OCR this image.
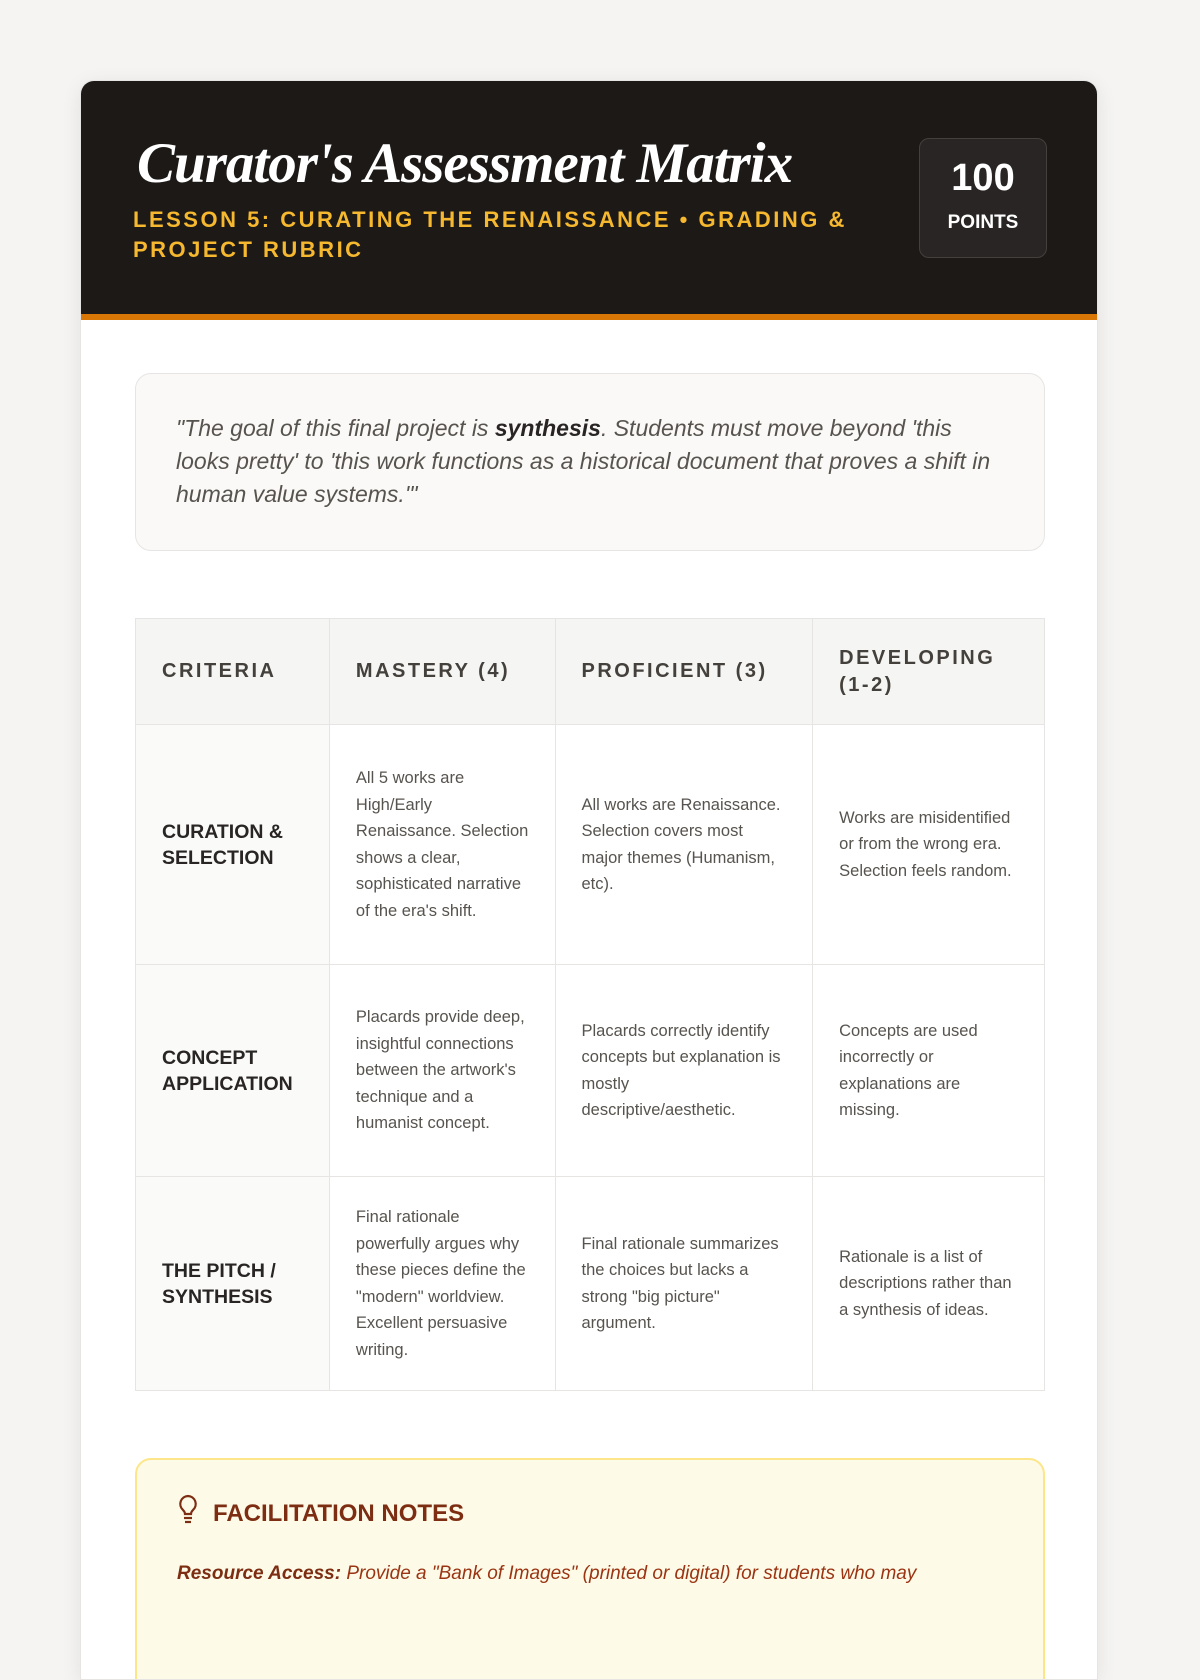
Curator's Assessment Matrix
LESSON 5: CURATING THE RENAISSANCE • GRADING & PROJECT RUBRIC
100
POINTS
"The goal of this final project is synthesis. Students must move beyond 'this looks pretty' to 'this work functions as a historical document that proves a shift in human value systems.'"
CRITERIA	MASTERY (4)	PROFICIENT (3)	DEVELOPING (1-2)
CURATION & SELECTION	All 5 works are High/Early Renaissance. Selection shows a clear, sophisticated narrative of the era's shift.	All works are Renaissance. Selection covers most major themes (Humanism, etc).	Works are misidentified or from the wrong era. Selection feels random.
CONCEPT APPLICATION	Placards provide deep, insightful connections between the artwork's technique and a humanist concept.	Placards correctly identify concepts but explanation is mostly descriptive/aesthetic.	Concepts are used incorrectly or explanations are missing.
THE PITCH / SYNTHESIS	Final rationale powerfully argues why these pieces define the "modern" worldview. Excellent persuasive writing.	Final rationale summarizes the choices but lacks a strong "big picture" argument.	Rationale is a list of descriptions rather than a synthesis of ideas.
FACILITATION NOTES

Resource Access: Provide a "Bank of Images" (printed or digital) for students who may
